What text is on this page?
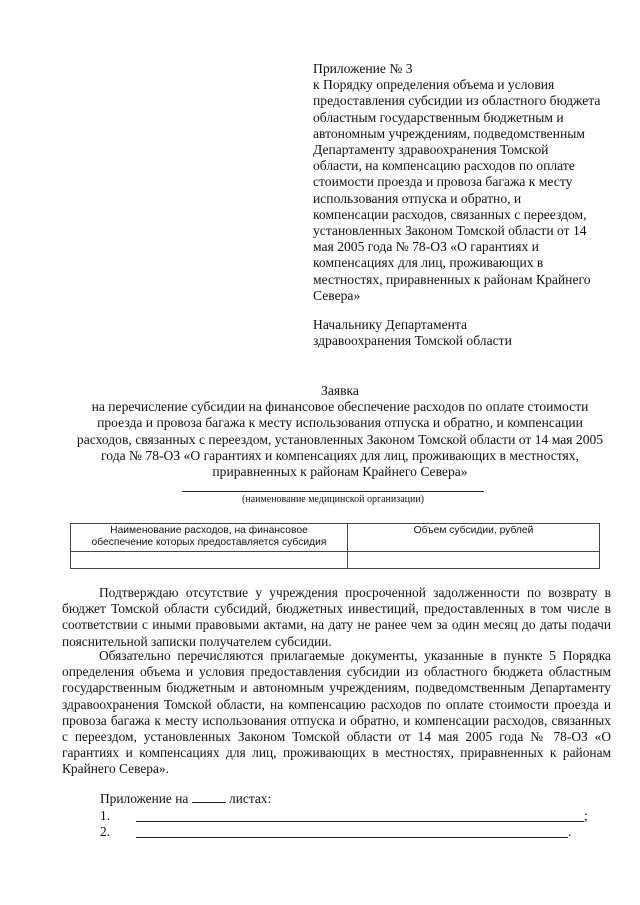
Приложение № 3
к Порядку определения объема и условия
предоставления субсидии из областного бюджета
областным государственным бюджетным и
автономным учреждениям, подведомственным
Департаменту здравоохранения Томской
области, на компенсацию расходов по оплате
стоимости проезда и провоза багажа к месту
использования отпуска и обратно, и
компенсации расходов, связанных с переездом,
установленных Законом Томской области от 14
мая 2005 года № 78-ОЗ «О гарантиях и
компенсациях для лиц, проживающих в
местностях, приравненных к районам Крайнего
Севера»
Начальнику Департамента
здравоохранения Томской области
Заявка
на перечисление субсидии на финансовое обеспечение расходов по оплате стоимости
проезда и провоза багажа к месту использования отпуска и обратно, и компенсации
расходов, связанных с переездом, установленных Законом Томской области от 14 мая 2005
года № 78-ОЗ «О гарантиях и компенсациях для лиц, проживающих в местностях,
приравненных к районам Крайнего Севера»
(наименование медицинской организации)
Наименование расходов, на финансовое
обеспечение которых предоставляется субсидия	Объем субсидии, рублей

Подтверждаю отсутствие у учреждения просроченной задолженности по возврату в бюджет Томской области субсидий, бюджетных инвестиций, предоставленных в том числе в соответствии с иными правовыми актами, на дату не ранее чем за один месяц до даты подачи пояснительной записки получателем субсидии.
Обязательно перечисляются прилагаемые документы, указанные в пункте 5 Порядка определения объема и условия предоставления субсидии из областного бюджета областным государственным бюджетным и автономным учреждениям, подведомственным Департаменту здравоохранения Томской области, на компенсацию расходов по оплате стоимости проезда и провоза багажа к месту использования отпуска и обратно, и компенсации расходов, связанных с переездом, установленных Законом Томской области от 14 мая 2005 года № 78-ОЗ «О гарантиях и компенсациях для лиц, проживающих в местностях, приравненных к районам Крайнего Севера».
Приложение на	листах:
1.	;
2.	.
